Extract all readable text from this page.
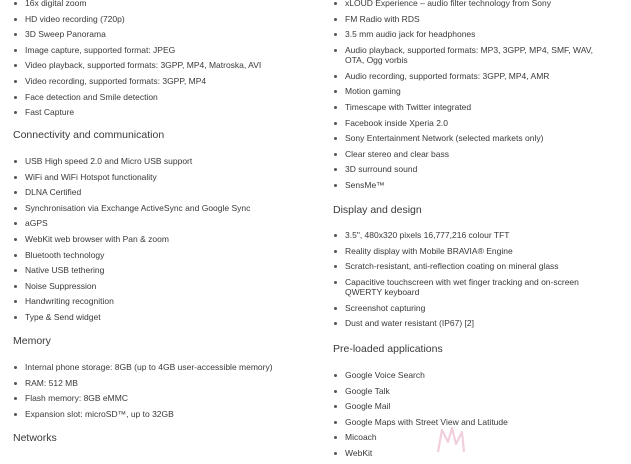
16x digital zoom
HD video recording (720p)
3D Sweep Panorama
Image capture, supported format: JPEG
Video playback, supported formats: 3GPP, MP4, Matroska, AVI
Video recording, supported formats: 3GPP, MP4
Face detection and Smile detection
Fast Capture
Connectivity and communication
USB High speed 2.0 and Micro USB support
WiFi and WiFi Hotspot functionality
DLNA Certified
Synchronisation via Exchange ActiveSync and Google Sync
aGPS
WebKit web browser with Pan & zoom
Bluetooth technology
Native USB tethering
Noise Suppression
Handwriting recognition
Type & Send widget
Memory
Internal phone storage: 8GB (up to 4GB user-accessible memory)
RAM: 512 MB
Flash memory: 8GB eMMC
Expansion slot: microSD™, up to 32GB
Networks
xLOUD Experience – audio filter technology from Sony
FM Radio with RDS
3.5 mm audio jack for headphones
Audio playback, supported formats: MP3, 3GPP, MP4, SMF, WAV, OTA, Ogg vorbis
Audio recording, supported formats: 3GPP, MP4, AMR
Motion gaming
Timescape with Twitter integrated
Facebook inside Xperia 2.0
Sony Entertainment Network (selected markets only)
Clear stereo and clear bass
3D surround sound
SensMe™
Display and design
3.5", 480x320 pixels 16,777,216 colour TFT
Reality display with Mobile BRAVIA® Engine
Scratch-resistant, anti-reflection coating on mineral glass
Capacitive touchscreen with wet finger tracking and on-screen QWERTY keyboard
Screenshot capturing
Dust and water resistant (IP67) [2]
Pre-loaded applications
Google Voice Search
Google Talk
Google Mail
Google Maps with Street View and Latitude
Micoach
WebKit
